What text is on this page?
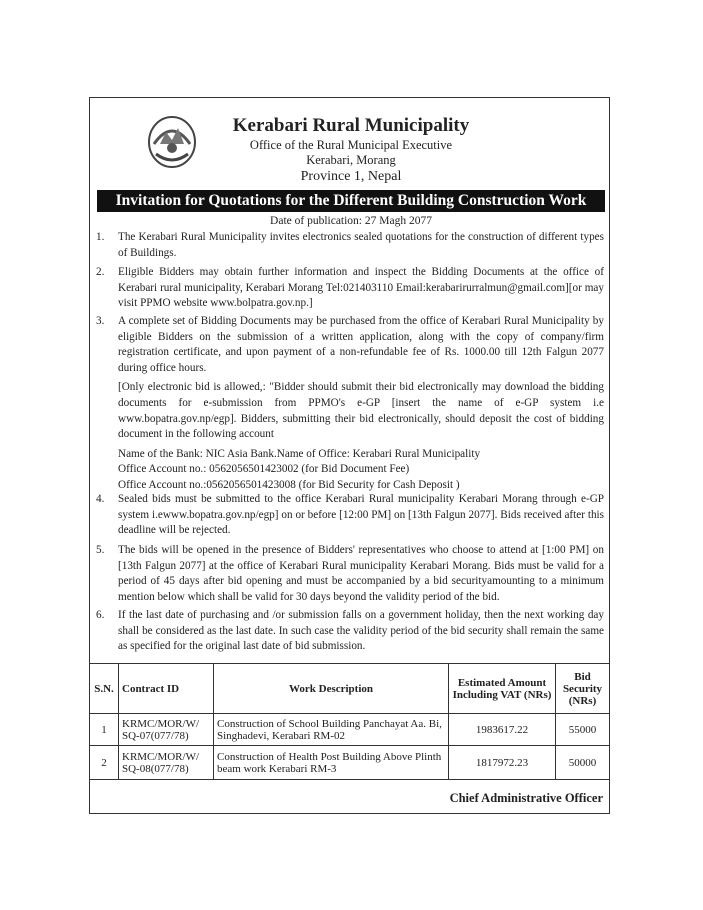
Kerabari Rural Municipality
Office of the Rural Municipal Executive
Kerabari, Morang
Province 1, Nepal
Invitation for Quotations for the Different Building Construction Work
Date of publication: 27 Magh 2077
1.	The Kerabari Rural Municipality invites electronics sealed quotations for the construction of different types of Buildings.

2.	Eligible Bidders may obtain further information and inspect the Bidding Documents at the office of Kerabari rural municipality, Kerabari Morang Tel:021403110 Email:kerabarirurralmun@gmail.com][or may visit PPMO website www.bolpatra.gov.np.]

3.	A complete set of Bidding Documents may be purchased from the office of Kerabari Rural Municipality by eligible Bidders on the submission of a written application, along with the copy of company/firm registration certificate, and upon payment of a non-refundable fee of Rs. 1000.00 till 12th Falgun 2077 during office hours.

[Only electronic bid is allowed,: "Bidder should submit their bid electronically may download the bidding documents for e-submission from PPMO's e-GP [insert the name of e-GP system i.e www.bopatra.gov.np/egp]. Bidders, submitting their bid electronically, should deposit the cost of bidding document in the following account

Name of the Bank: NIC Asia Bank.Name of Office: Kerabari Rural Municipality

Office Account no.: 0562056501423002 (for Bid Document Fee)

Office Account no.:0562056501423008 (for Bid Security for Cash Deposit )

4.	Sealed bids must be submitted to the office Kerabari Rural municipality Kerabari Morang through e-GP system i.ewww.bopatra.gov.np/egp] on or before [12:00 PM] on [13th Falgun 2077]. Bids received after this deadline will be rejected.

5.	The bids will be opened in the presence of Bidders' representatives who choose to attend at [1:00 PM] on [13th Falgun 2077] at the office of Kerabari Rural municipality Kerabari Morang. Bids must be valid for a period of 45 days after bid opening and must be accompanied by a bid securityamounting to a minimum mention below which shall be valid for 30 days beyond the validity period of the bid.

6.	If the last date of purchasing and /or submission falls on a government holiday, then the next working day shall be considered as the last date. In such case the validity period of the bid security shall remain the same as specified for the original last date of bid submission.

S.N.	Contract ID	Work Description	Estimated Amount Including VAT (NRs)	Bid Security (NRs)
1	KRMC/MOR/W/ SQ-07(077/78)	Construction of School Building Panchayat Aa. Bi, Singhadevi, Kerabari RM-02	1983617.22	55000
2	KRMC/MOR/W/ SQ-08(077/78)	Construction of Health Post Building Above Plinth beam work Kerabari RM-3	1817972.23	50000
Chief Administrative Officer
